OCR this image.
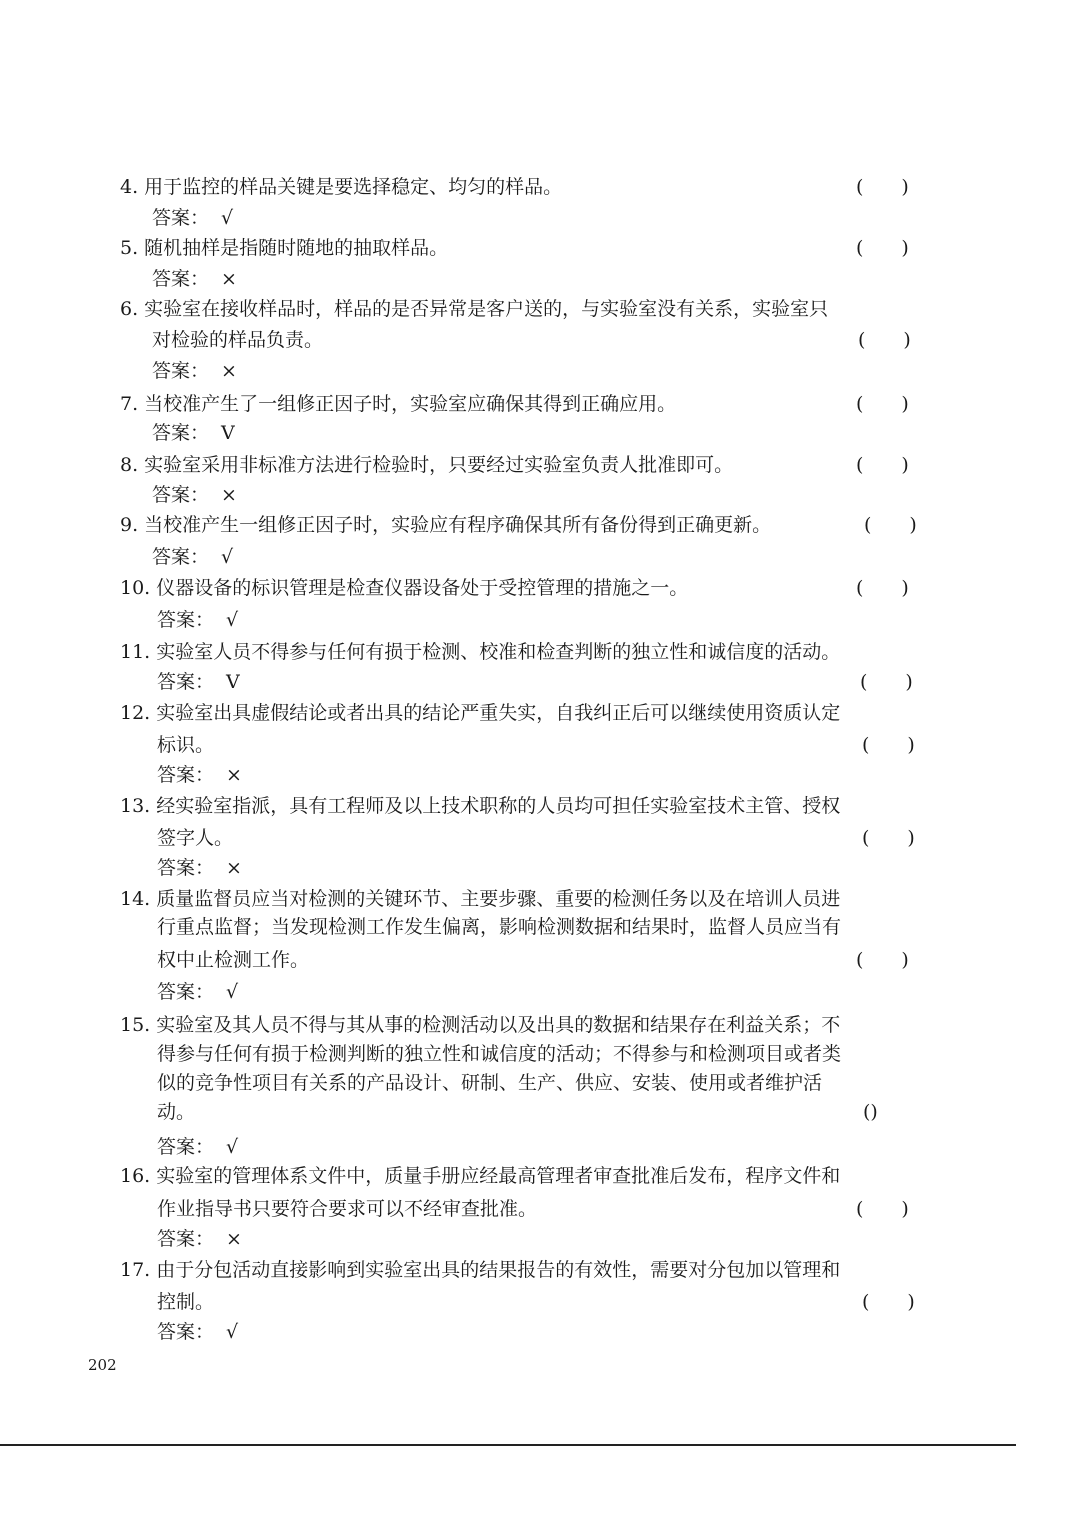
4. 用于监控的样品关键是要选择稳定、均匀的样品。	(　　)
答案： √
5. 随机抽样是指随时随地的抽取样品。	(　　)
答案： ×
6. 实验室在接收样品时，样品的是否异常是客户送的，与实验室没有关系，实验室只
对检验的样品负责。	(　　)
答案： ×
7. 当校准产生了一组修正因子时，实验室应确保其得到正确应用。	(　　)
答案： V
8. 实验室采用非标准方法进行检验时，只要经过实验室负责人批准即可。	(　　)
答案： ×
9. 当校准产生一组修正因子时，实验应有程序确保其所有备份得到正确更新。	(　　)
答案： √
10. 仪器设备的标识管理是检查仪器设备处于受控管理的措施之一。	(　　)
答案： √
11. 实验室人员不得参与任何有损于检测、校准和检查判断的独立性和诚信度的活动。
答案： V	(　　)
12. 实验室出具虚假结论或者出具的结论严重失实，自我纠正后可以继续使用资质认定
标识。	(　　)
答案： ×
13. 经实验室指派，具有工程师及以上技术职称的人员均可担任实验室技术主管、授权
签字人。	(　　)
答案： ×
14. 质量监督员应当对检测的关键环节、主要步骤、重要的检测任务以及在培训人员进
行重点监督；当发现检测工作发生偏离，影响检测数据和结果时，监督人员应当有
权中止检测工作。	(　　)
答案： √
15. 实验室及其人员不得与其从事的检测活动以及出具的数据和结果存在利益关系；不
得参与任何有损于检测判断的独立性和诚信度的活动；不得参与和检测项目或者类
似的竞争性项目有关系的产品设计、研制、生产、供应、安装、使用或者维护活
动。	()
答案： √
16. 实验室的管理体系文件中，质量手册应经最高管理者审查批准后发布，程序文件和
作业指导书只要符合要求可以不经审查批准。	(　　)
答案： ×
17. 由于分包活动直接影响到实验室出具的结果报告的有效性，需要对分包加以管理和
控制。	(　　)
答案： √
202
